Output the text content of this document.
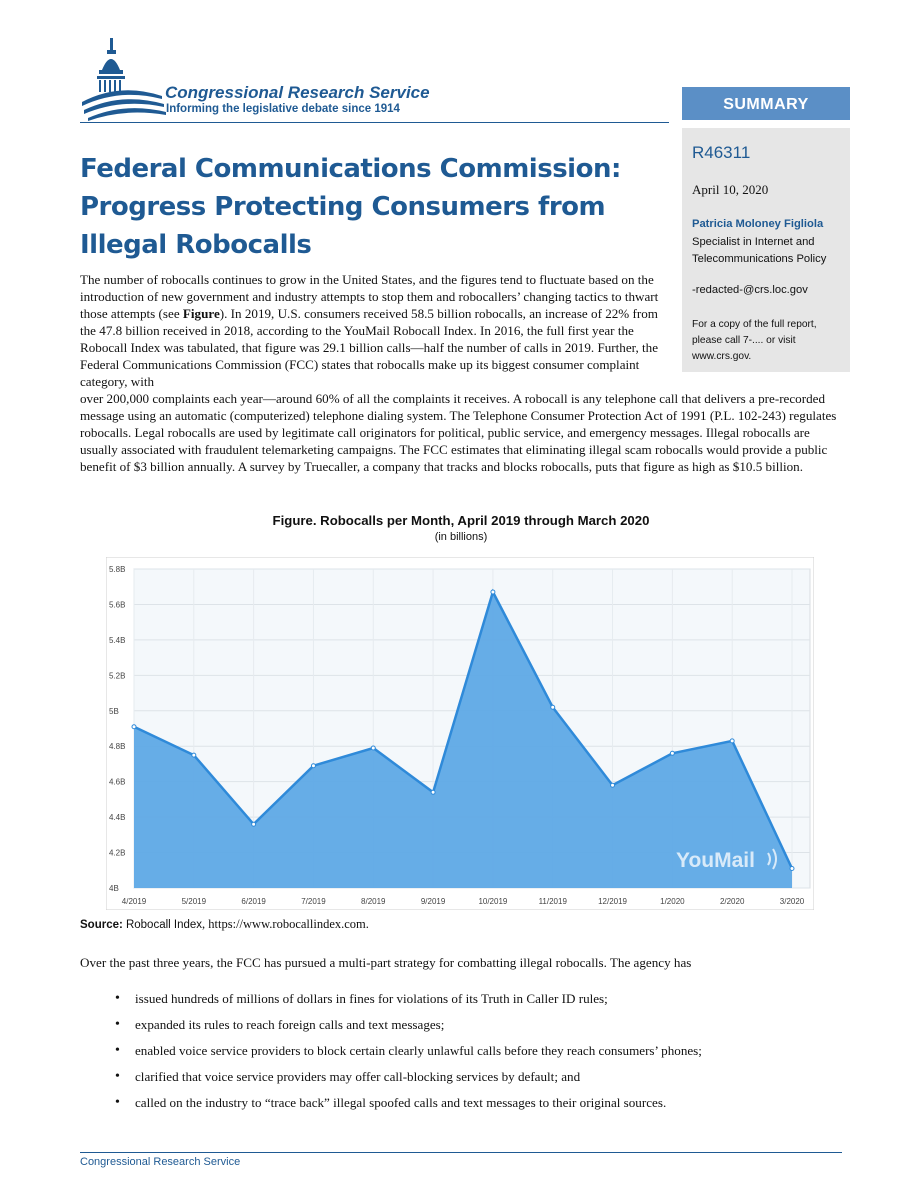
Congressional Research Service
Informing the legislative debate since 1914	SUMMARY
R46311
April 10, 2020
Patricia Moloney Figliola
Specialist in Internet and Telecommunications Policy
-redacted-@crs.loc.gov
For a copy of the full report, please call 7-.... or visit www.crs.gov.
Federal Communications Commission: Progress Protecting Consumers from Illegal Robocalls
The number of robocalls continues to grow in the United States, and the figures tend to fluctuate based on the introduction of new government and industry attempts to stop them and robocallers’ changing tactics to thwart those attempts (see Figure). In 2019, U.S. consumers received 58.5 billion robocalls, an increase of 22% from the 47.8 billion received in 2018, according to the YouMail Robocall Index. In 2016, the full first year the Robocall Index was tabulated, that figure was 29.1 billion calls—half the number of calls in 2019. Further, the Federal Communications Commission (FCC) states that robocalls make up its biggest consumer complaint category, with
over 200,000 complaints each year—around 60% of all the complaints it receives. A robocall is any telephone call that delivers a pre-recorded message using an automatic (computerized) telephone dialing system. The Telephone Consumer Protection Act of 1991 (P.L. 102-243) regulates robocalls. Legal robocalls are used by legitimate call originators for political, public service, and emergency messages. Illegal robocalls are usually associated with fraudulent telemarketing campaigns. The FCC estimates that eliminating illegal scam robocalls would provide a public benefit of $3 billion annually. A survey by Truecaller, a company that tracks and blocks robocalls, puts that figure as high as $10.5 billion.
Figure. Robocalls per Month, April 2019 through March 2020
(in billions)
4B
4.2B
4.4B
4.6B
4.8B
5B
5.2B
5.4B
5.6B
5.8B
4/2019	5/2019	6/2019	7/2019	8/2019	9/2019	10/2019	11/2019	12/2019	1/2020	2/2020	3/2020
YouMail
Source: Robocall Index, https://www.robocallindex.com.
Over the past three years, the FCC has pursued a multi-part strategy for combatting illegal robocalls. The agency has
• issued hundreds of millions of dollars in fines for violations of its Truth in Caller ID rules;
• expanded its rules to reach foreign calls and text messages;
• enabled voice service providers to block certain clearly unlawful calls before they reach consumers’ phones;
• clarified that voice service providers may offer call-blocking services by default; and
• called on the industry to “trace back” illegal spoofed calls and text messages to their original sources.
Congressional Research Service
